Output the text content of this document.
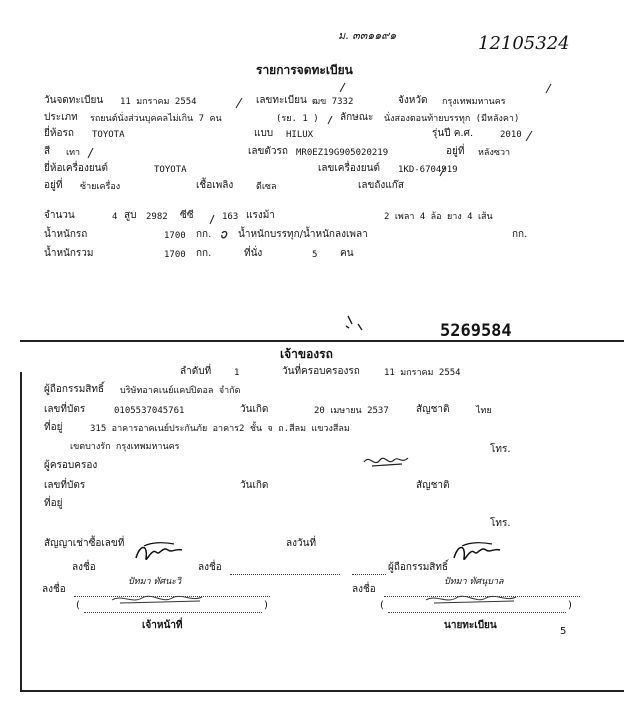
ม. ๓๓๑๑๙๑	12105324
รายการจดทะเบียน
วันจดทะเบียน 11 มกราคม 2554	เลขทะเบียน ฒข 7332	จังหวัด กรุงเทพมหานคร
ประเภท รถยนต์นั่งส่วนบุคคลไม่เกิน 7 คน	(รย. 1 ) ลักษณะ นั่งสองตอนท้ายบรรทุก (มีหลังคา)
ยี่ห้อรถ TOYOTA	แบบ HILUX	รุ่นปี ค.ศ.	2010
สี เทา	เลขตัวรถ MR0EZ19G905020219	อยู่ที่ หลังซวา
ยี่ห้อเครื่องยนต์	TOYOTA	เลขเครื่องยนต์ 1KD-6704919
อยู่ที่ ซ้ายเครื่อง	เชื้อเพลิง	ดีเซล	เลขถังแก๊ส
จำนวน	4 สูบ 2982 ซีซี	163 แรงม้า	2 เพลา 4 ล้อ ยาง 4 เส้น
น้ำหนักรถ	1700 กก.	น้ำหนักบรรทุก/น้ำหนักลงเพลา	กก.
น้ำหนักรวม	1700 กก.	ที่นั่ง	5 คน
5269584
เจ้าของรถ
ลำดับที่	1	วันที่ครอบครองรถ	11 มกราคม 2554
ผู้ถือกรรมสิทธิ์ บริษัทอาคเนย์แคปปิตอล จำกัด
เลขที่บัตร	0105537045761	วันเกิด	20 เมษายน 2537	สัญชาติ	ไทย
ที่อยู่	315 อาคารอาคเนย์ประกันภัย อาคาร2 ชั้น จ ถ.สีลม แขวงสีลม
เขตบางรัก กรุงเทพมหานคร	โทร.
ผู้ครอบครอง
เลขที่บัตร	วันเกิด	สัญชาติ
ที่อยู่
โทร.
สัญญาเช่าซื้อเลขที่	ลงวันที่
ลงชื่อ	ลงชื่อ	ผู้ถือกรรมสิทธิ์
ลงชื่อ
ปัทมา ทัศนะวิ
ลงชื่อ
ปัทมา ทัศนุบาล
(	)	(	)
เจ้าหน้าที่	นายทะเบียน
5
